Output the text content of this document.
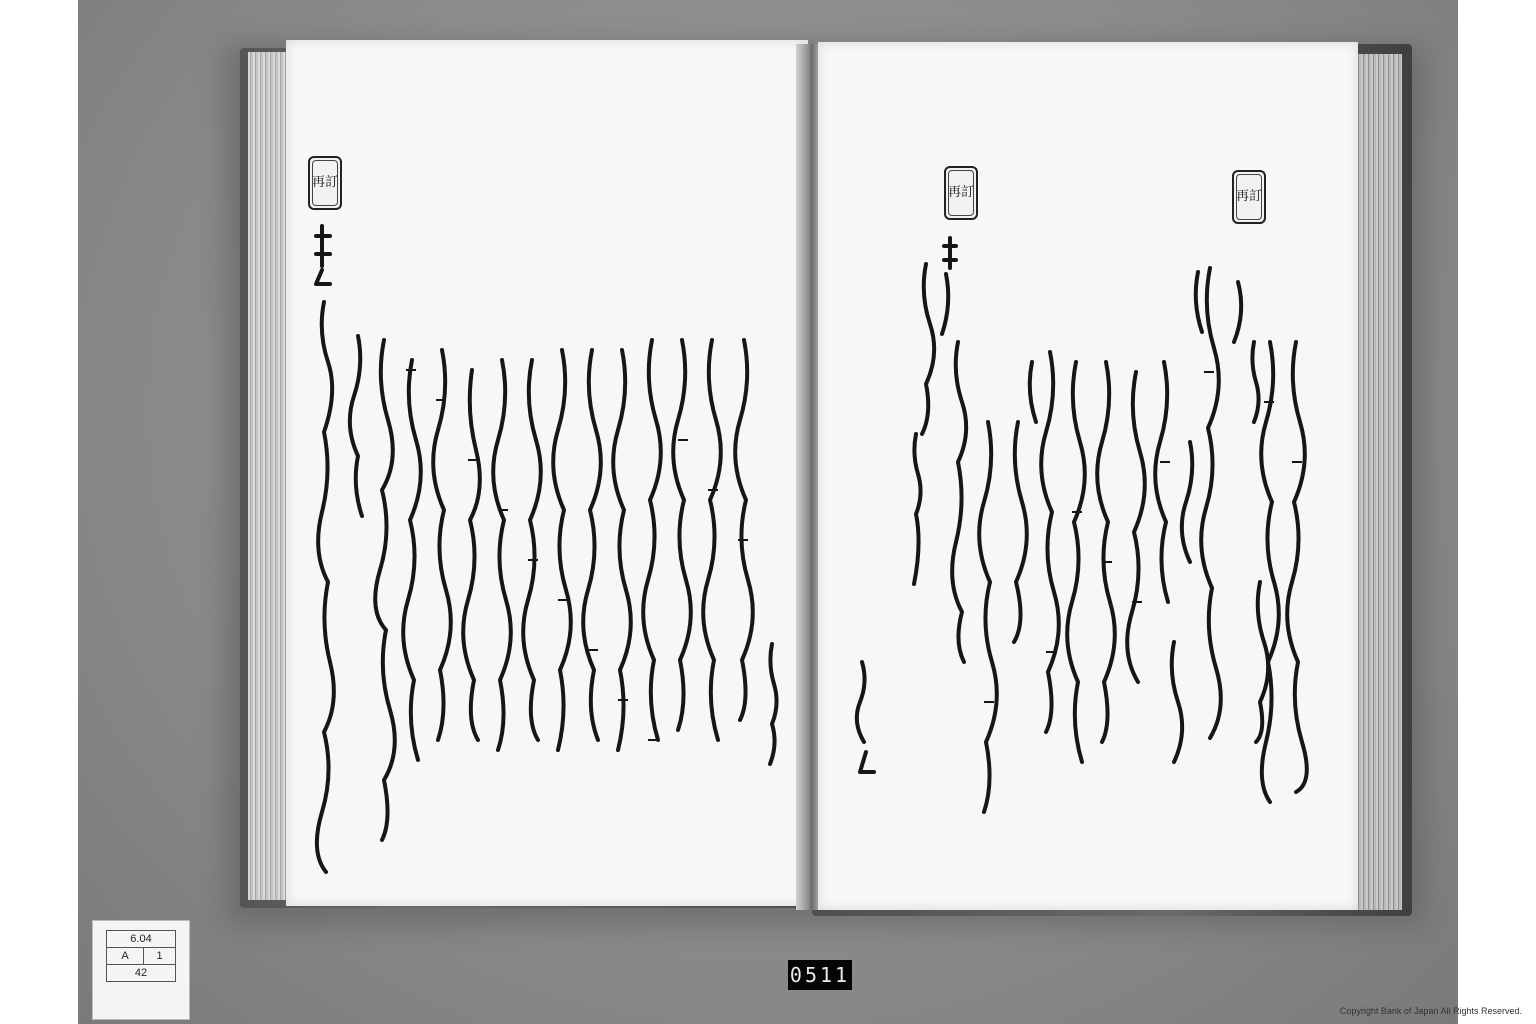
再訂
再訂	再訂
6.04
A	1
42	0511
Copyright Bank of Japan All Rights Reserved.
